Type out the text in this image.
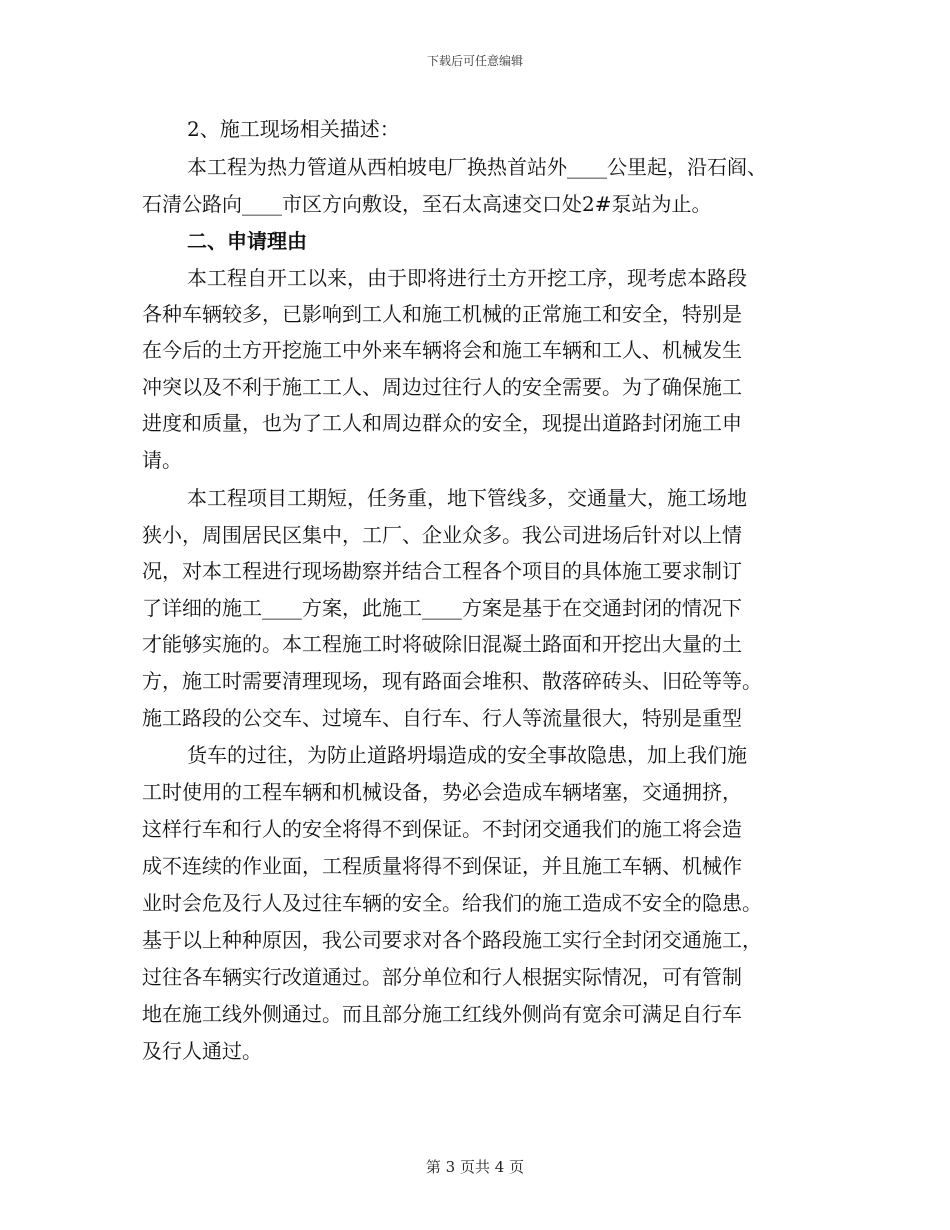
下载后可任意编辑
2、施工现场相关描述：
本工程为热力管道从西柏坡电厂换热首站外____公里起，沿石阎、
石清公路向____市区方向敷设，至石太高速交口处2#泵站为止。
二、申请理由
本工程自开工以来，由于即将进行土方开挖工序，现考虑本路段
各种车辆较多，已影响到工人和施工机械的正常施工和安全，特别是
在今后的土方开挖施工中外来车辆将会和施工车辆和工人、机械发生
冲突以及不利于施工工人、周边过往行人的安全需要。为了确保施工
进度和质量，也为了工人和周边群众的安全，现提出道路封闭施工申
请。
本工程项目工期短，任务重，地下管线多，交通量大，施工场地
狭小，周围居民区集中，工厂、企业众多。我公司进场后针对以上情
况，对本工程进行现场勘察并结合工程各个项目的具体施工要求制订
了详细的施工____方案，此施工____方案是基于在交通封闭的情况下
才能够实施的。本工程施工时将破除旧混凝土路面和开挖出大量的土
方，施工时需要清理现场，现有路面会堆积、散落碎砖头、旧砼等等。
施工路段的公交车、过境车、自行车、行人等流量很大，特别是重型
货车的过往，为防止道路坍塌造成的安全事故隐患，加上我们施
工时使用的工程车辆和机械设备，势必会造成车辆堵塞，交通拥挤，
这样行车和行人的安全将得不到保证。不封闭交通我们的施工将会造
成不连续的作业面，工程质量将得不到保证，并且施工车辆、机械作
业时会危及行人及过往车辆的安全。给我们的施工造成不安全的隐患。
基于以上种种原因，我公司要求对各个路段施工实行全封闭交通施工，
过往各车辆实行改道通过。部分单位和行人根据实际情况，可有管制
地在施工线外侧通过。而且部分施工红线外侧尚有宽余可满足自行车
及行人通过。
第 3 页共 4 页
